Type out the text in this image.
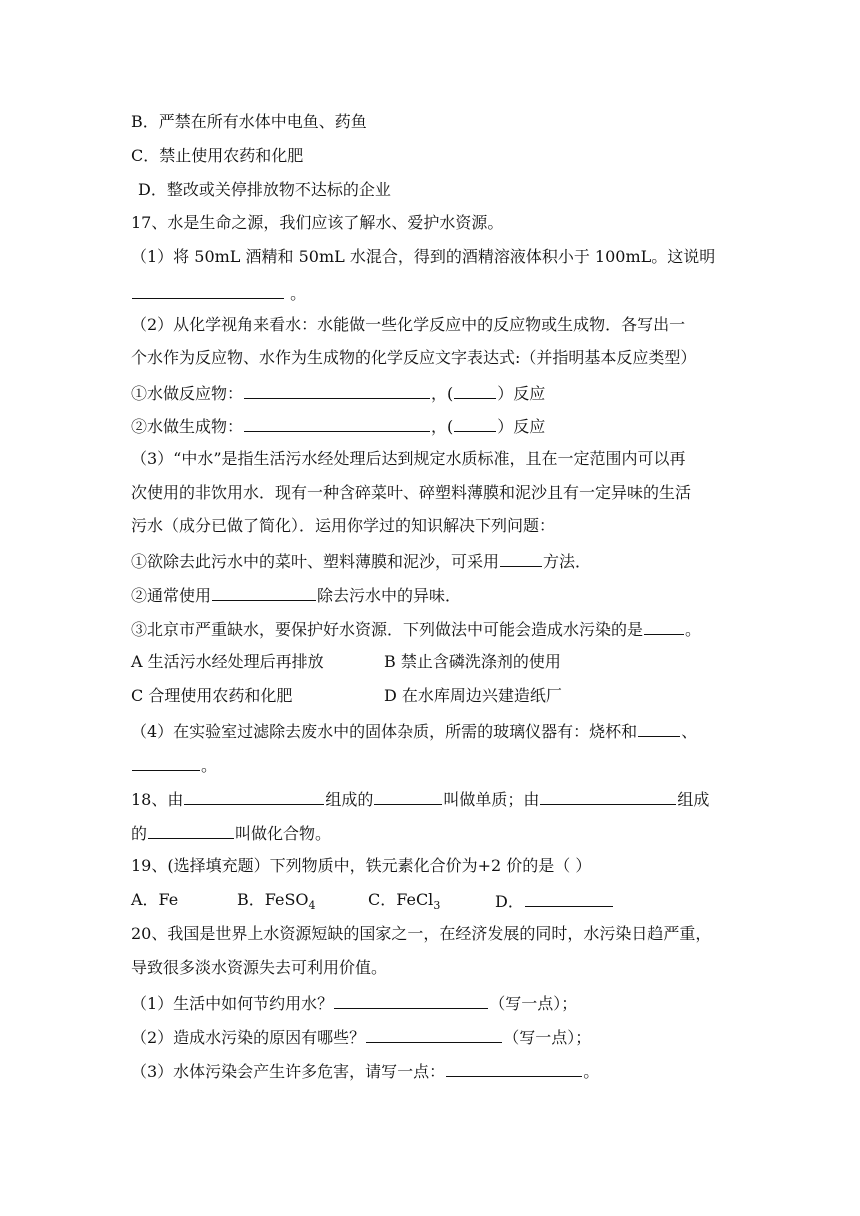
B．严禁在所有水体中电鱼、药鱼
C．禁止使用农药和化肥
D．整改或关停排放物不达标的企业
17、水是生命之源，我们应该了解水、爱护水资源。
（1）将 50mL 酒精和 50mL 水混合，得到的酒精溶液体积小于 100mL。这说明
。
（2）从化学视角来看水：水能做一些化学反应中的反应物或生成物．各写出一
个水作为反应物、水作为生成物的化学反应文字表达式:（并指明基本反应类型）
①水做反应物：	，(	）反应
②水做生成物：	，(	）反应
（3）“中水”是指生活污水经处理后达到规定水质标准，且在一定范围内可以再
次使用的非饮用水．现有一种含碎菜叶、碎塑料薄膜和泥沙且有一定异味的生活
污水（成分已做了简化）．运用你学过的知识解决下列问题：
①欲除去此污水中的菜叶、塑料薄膜和泥沙，可采用	方法．
②通常使用	除去污水中的异味．
③北京市严重缺水，要保护好水资源．下列做法中可能会造成水污染的是	。
A 生活污水经处理后再排放	B 禁止含磷洗涤剂的使用
C 合理使用农药和化肥	D 在水库周边兴建造纸厂
（4）在实验室过滤除去废水中的固体杂质，所需的玻璃仪器有：烧杯和	、
。
18、由	组成的	叫做单质；由	组成
的	叫做化合物。
19、(选择填充题）下列物质中，铁元素化合价为+2 价的是（ ）
A．Fe	B．FeSO$_4$	C．FeCl$_3$	D．
20、我国是世界上水资源短缺的国家之一，在经济发展的同时，水污染日趋严重，
导致很多淡水资源失去可利用价值。
（1）生活中如何节约用水？	（写一点）；
（2）造成水污染的原因有哪些？	（写一点）；
（3）水体污染会产生许多危害，请写一点：	。
